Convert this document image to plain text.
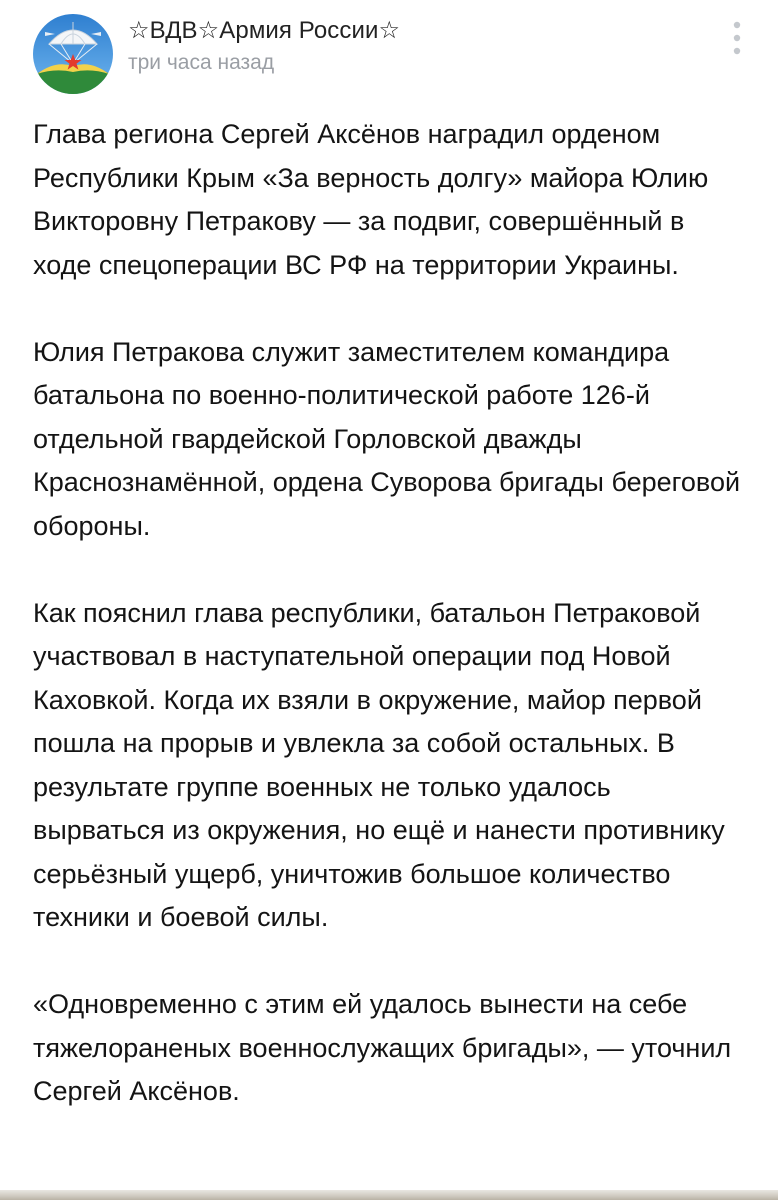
☆ВДВ☆Армия России☆
три часа назад

Глава региона Сергей Аксёнов наградил орденом Республики Крым «За верность долгу» майора Юлию Викторовну Петракову — за подвиг, совершённый в ходе спецоперации ВС РФ на территории Украины.

Юлия Петракова служит заместителем командира батальона по военно-политической работе 126-й отдельной гвардейской Горловской дважды Краснознамённой, ордена Суворова бригады береговой обороны.

Как пояснил глава республики, батальон Петраковой участвовал в наступательной операции под Новой Каховкой. Когда их взяли в окружение, майор первой пошла на прорыв и увлекла за собой остальных. В результате группе военных не только удалось вырваться из окружения, но ещё и нанести противнику серьёзный ущерб, уничтожив большое количество техники и боевой силы.

«Одновременно с этим ей удалось вынести на себе тяжелораненых военнослужащих бригады», — уточнил Сергей Аксёнов.
